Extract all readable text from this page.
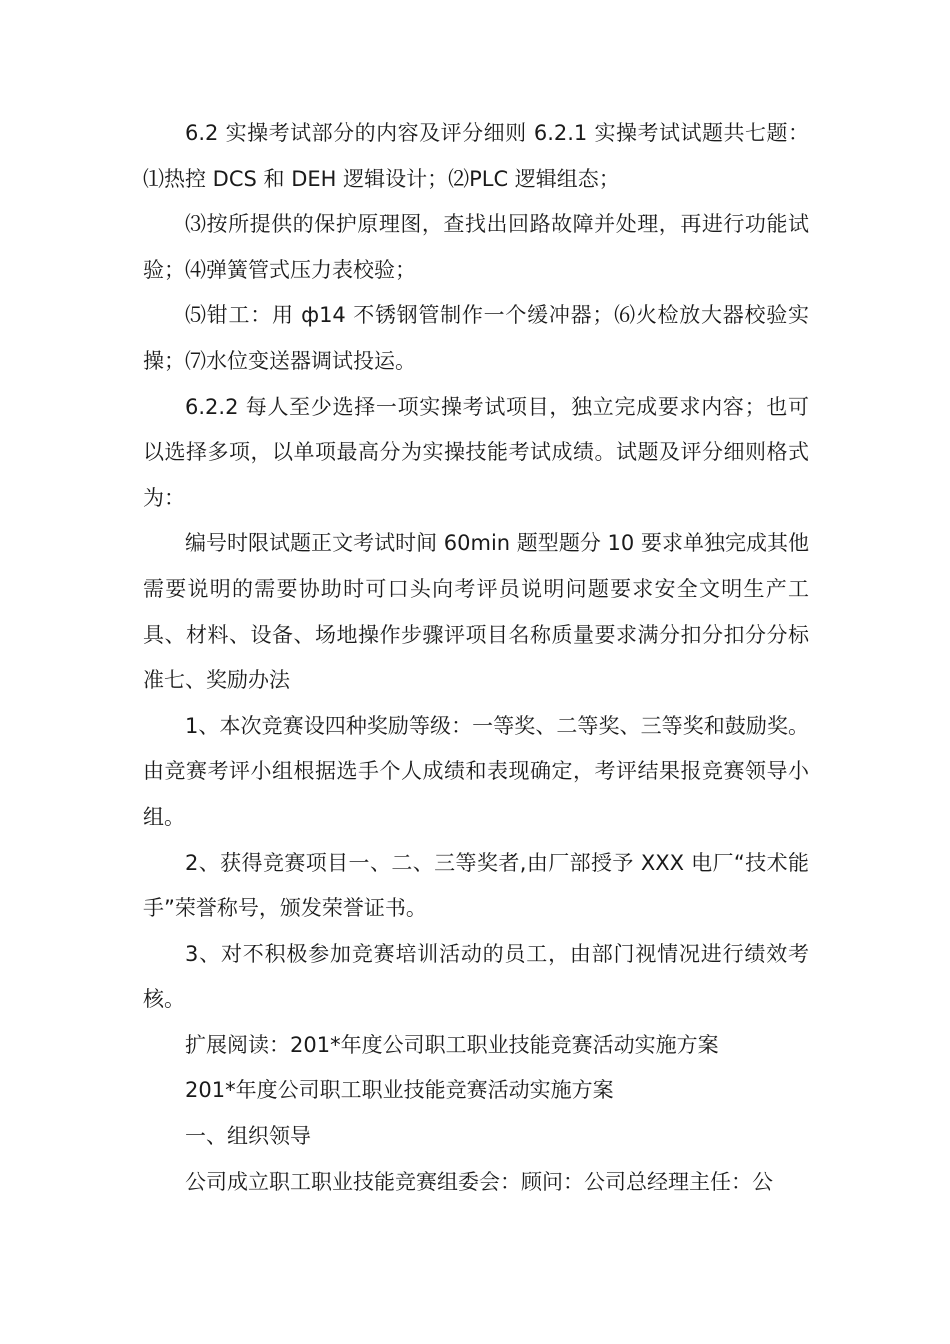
6.2 实操考试部分的内容及评分细则 6.2.1 实操考试试题共七题：⑴热控 DCS 和 DEH 逻辑设计；⑵PLC 逻辑组态；

⑶按所提供的保护原理图，查找出回路故障并处理，再进行功能试验；⑷弹簧管式压力表校验；

⑸钳工：用 ф14 不锈钢管制作一个缓冲器；⑹火检放大器校验实操；⑺水位变送器调试投运。

6.2.2 每人至少选择一项实操考试项目，独立完成要求内容；也可以选择多项，以单项最高分为实操技能考试成绩。试题及评分细则格式为：

编号时限试题正文考试时间 60min 题型题分 10 要求单独完成其他需要说明的需要协助时可口头向考评员说明问题要求安全文明生产工具、材料、设备、场地操作步骤评项目名称质量要求满分扣分扣分分标准七、奖励办法

1、本次竞赛设四种奖励等级：一等奖、二等奖、三等奖和鼓励奖。由竞赛考评小组根据选手个人成绩和表现确定，考评结果报竞赛领导小组。

2、获得竞赛项目一、二、三等奖者,由厂部授予 XXX 电厂“技术能手”荣誉称号，颁发荣誉证书。

3、对不积极参加竞赛培训活动的员工，由部门视情况进行绩效考核。

扩展阅读：201*年度公司职工职业技能竞赛活动实施方案

201*年度公司职工职业技能竞赛活动实施方案

一、组织领导

公司成立职工职业技能竞赛组委会：顾问：公司总经理主任：公
